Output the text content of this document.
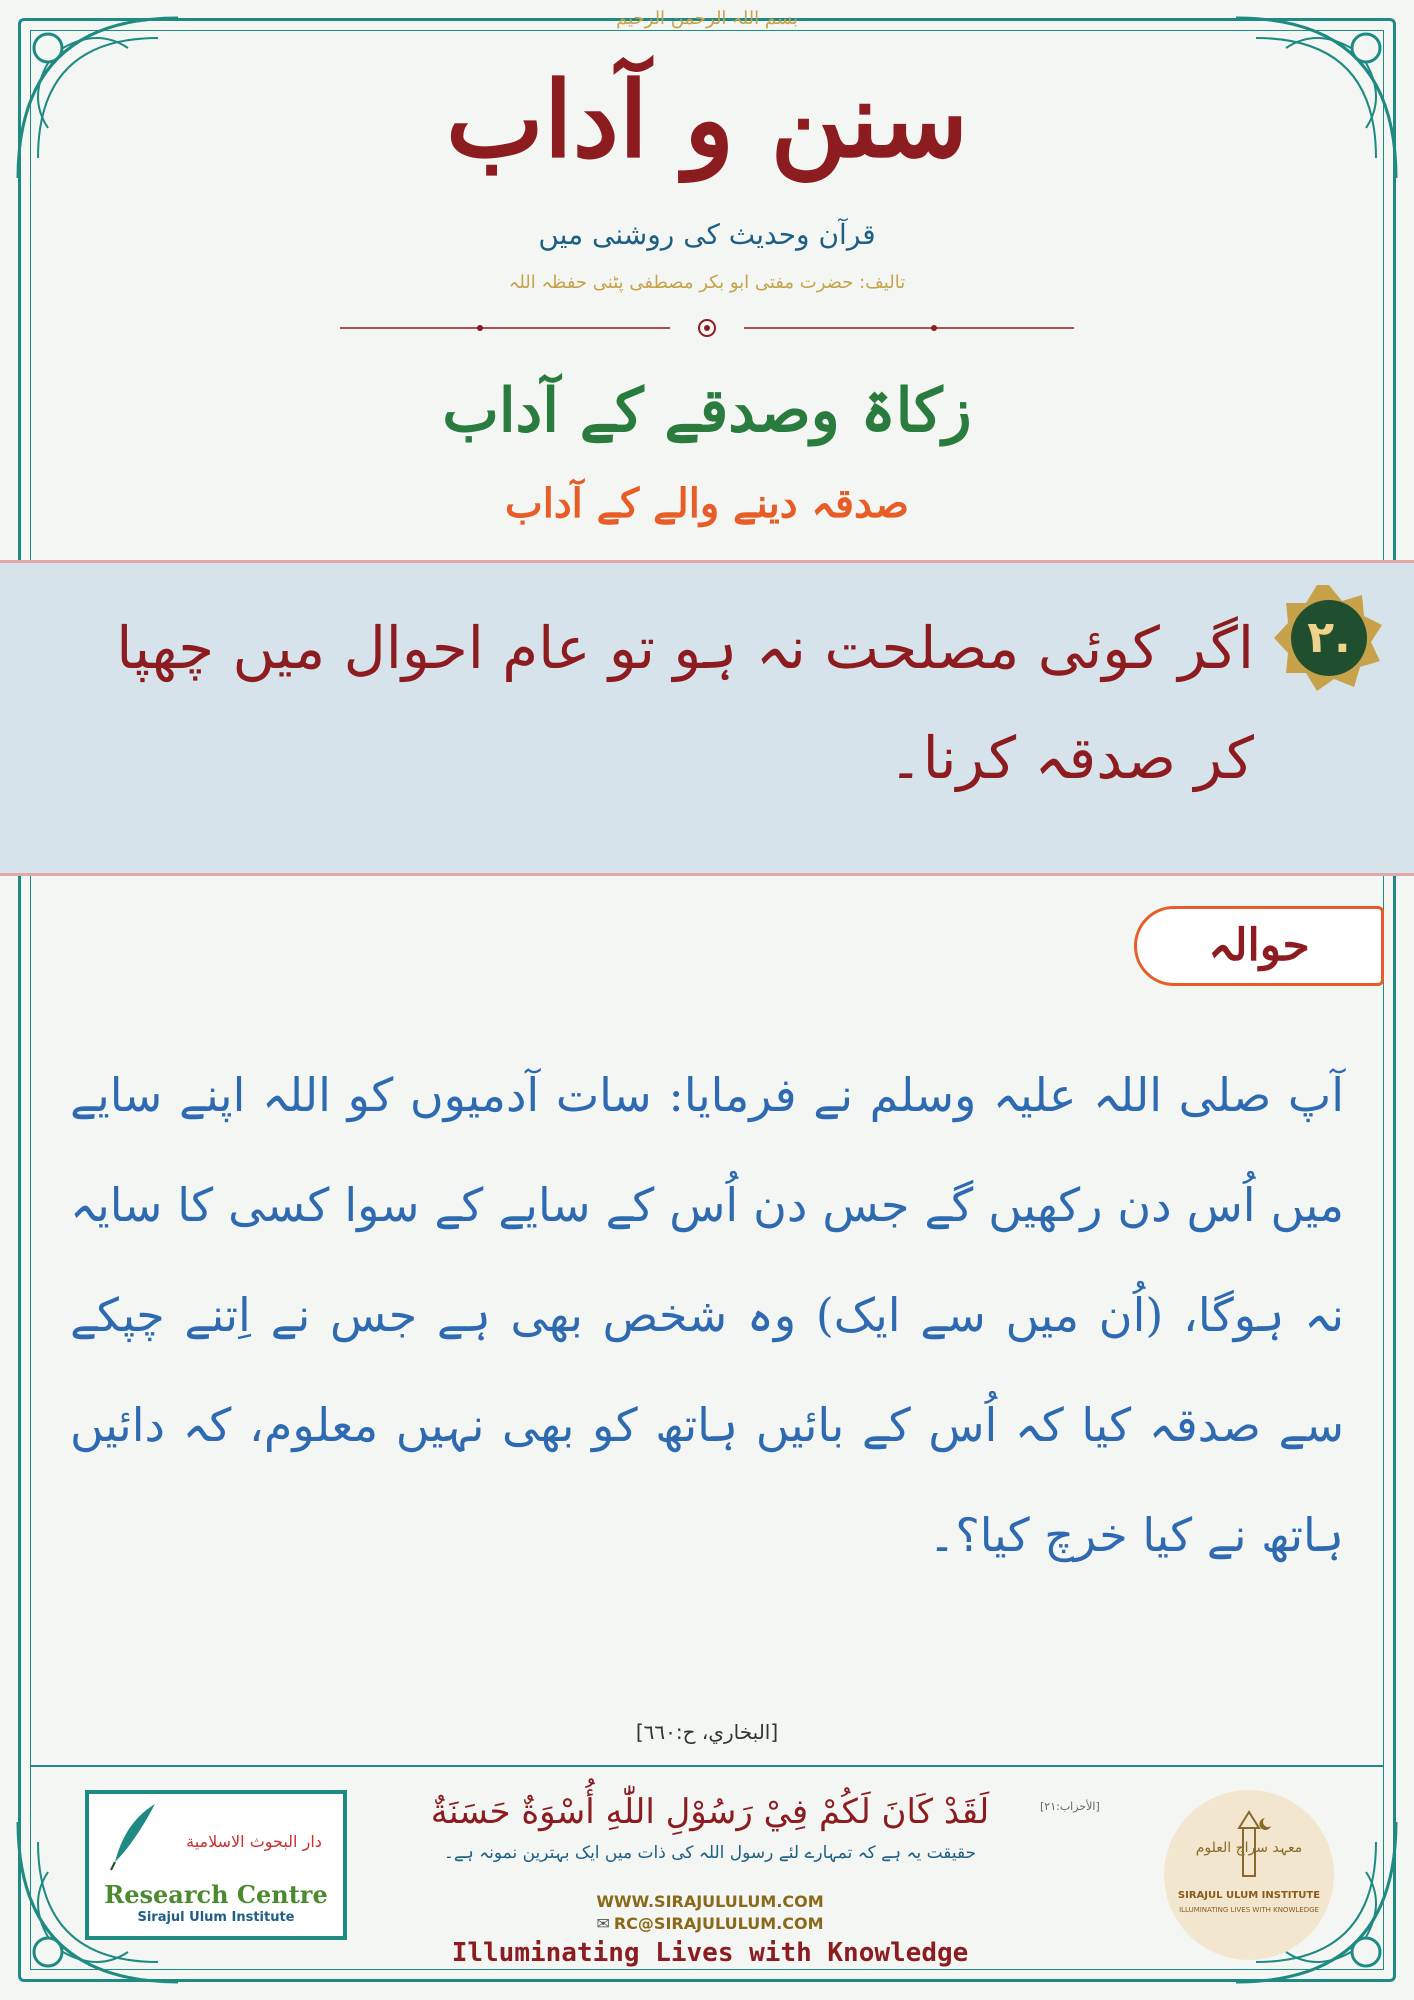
بسم اللہ الرحمن الرحیم
سنن و آداب
قرآن وحدیث کی روشنی میں
تالیف: حضرت مفتی ابو بکر مصطفی پٹنی حفظہ اللہ
زکاۃ وصدقے کے آداب
صدقہ دینے والے کے آداب
۲.
اگر کوئی مصلحت نہ ہو تو عام احوال میں چھپا کر صدقہ کرنا۔
حوالہ
آپ صلی اللہ علیہ وسلم نے فرمایا: سات آدمیوں کو اللہ اپنے سایے میں اُس دن رکھیں گے جس دن اُس کے سایے کے سوا کسی کا سایہ نہ ہوگا، (اُن میں سے ایک) وہ شخص بھی ہے جس نے اِتنے چپکے سے صدقہ کیا کہ اُس کے بائیں ہاتھ کو بھی نہیں معلوم، کہ دائیں ہاتھ نے کیا خرچ کیا؟۔
[البخاري، ح:٦٦٠]
دار البحوث الاسلامية
Research Centre
Sirajul Ulum Institute
لَقَدْ كَانَ لَكُمْ فِيْ رَسُوْلِ اللّٰهِ أُسْوَةٌ حَسَنَةٌ	[الأحزاب:٢١]
حقیقت یہ ہے کہ تمہارے لئے رسول اللہ کی ذات میں ایک بہترین نمونہ ہے۔
WWW.SIRAJULULUM.COM
✉ RC@SIRAJULULUM.COM
Illuminating Lives with Knowledge
معہد سراج العلوم
SIRAJUL ULUM INSTITUTE
ILLUMINATING LIVES WITH KNOWLEDGE
